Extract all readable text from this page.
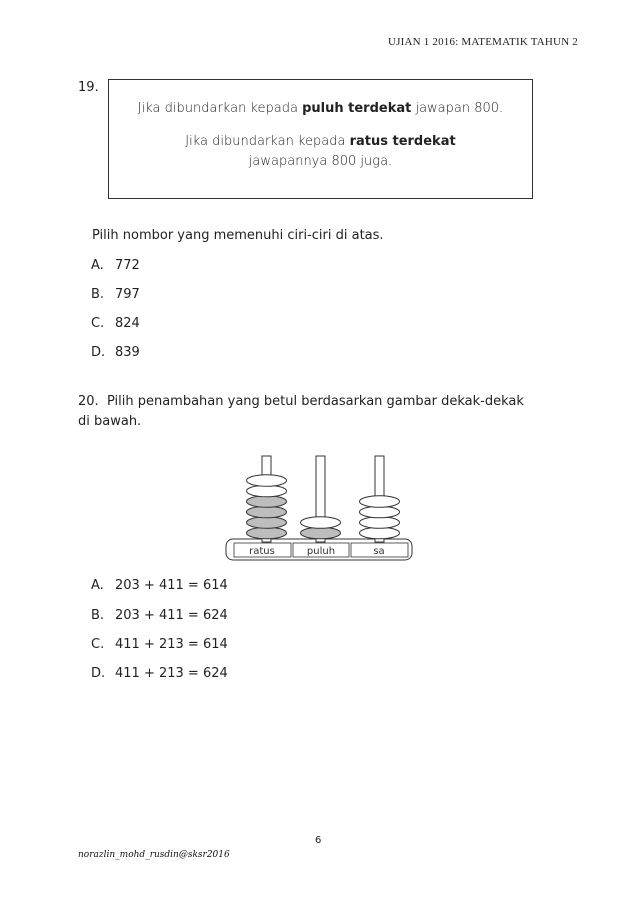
UJIAN 1 2016: MATEMATIK TAHUN 2
19.

Jika dibundarkan kepada puluh terdekat jawapan 800.

Jika dibundarkan kepada ratus terdekat jawapannya 800 juga.

Pilih nombor yang memenuhi ciri-ciri di atas.
A. 772
B. 797
C. 824
D. 839
20. Pilih penambahan yang betul berdasarkan gambar dekak-dekak di bawah.
ratus	puluh	sa
A. 203 + 411 = 614
B. 203 + 411 = 624
C. 411 + 213 = 614
D. 411 + 213 = 624
6
norazlin_mohd_rusdin@sksr2016
